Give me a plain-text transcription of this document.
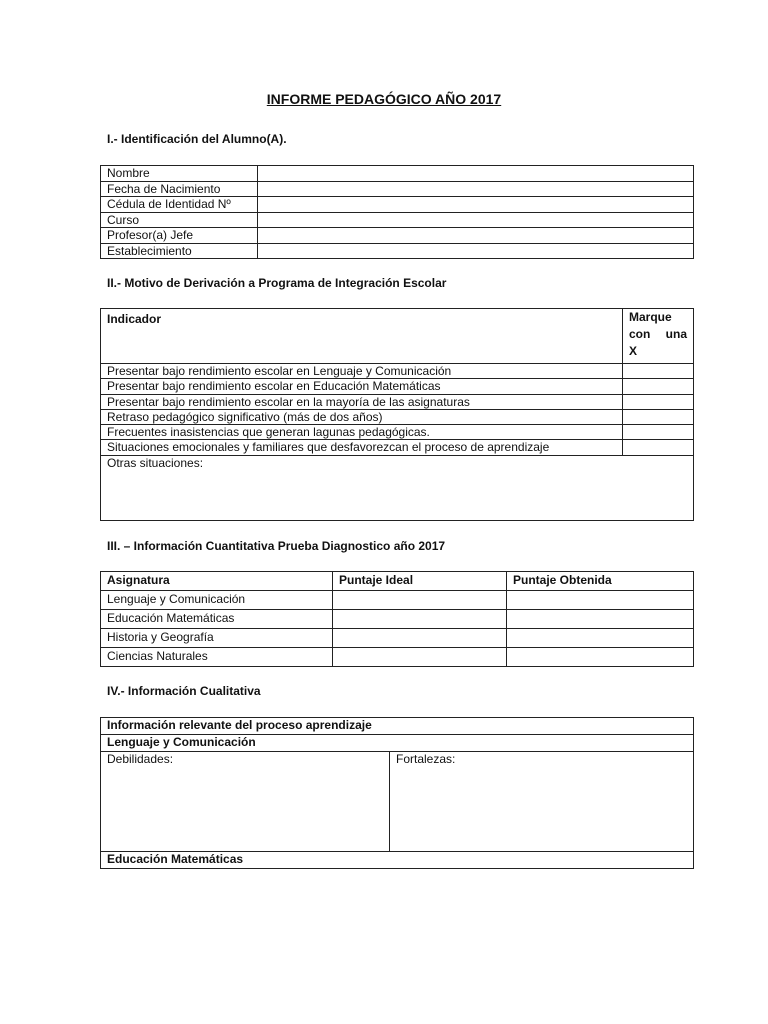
INFORME PEDAGÓGICO AÑO 2017
I.- Identificación del Alumno(A).
Nombre	
Fecha de Nacimiento	
Cédula de Identidad Nº	
Curso	
Profesor(a) Jefe	
Establecimiento	
II.- Motivo de Derivación a Programa de Integración Escolar
Indicador	Marque
con una
X

Presentar bajo rendimiento escolar en Lenguaje y Comunicación	
Presentar bajo rendimiento escolar en Educación Matemáticas	
Presentar bajo rendimiento escolar en la mayoría de las asignaturas	
Retraso pedagógico significativo (más de dos años)	
Frecuentes inasistencias que generan lagunas pedagógicas.	
Situaciones emocionales y familiares que desfavorezcan el proceso de aprendizaje	
Otras situaciones:	
III. – Información Cuantitativa Prueba Diagnostico año 2017
Asignatura	Puntaje Ideal	Puntaje Obtenida
Lenguaje y Comunicación		
Educación Matemáticas		
Historia y Geografía		
Ciencias Naturales		
IV.- Información Cualitativa
Información relevante del proceso aprendizaje
Lenguaje y Comunicación
Debilidades:	Fortalezas:
Educación Matemáticas
